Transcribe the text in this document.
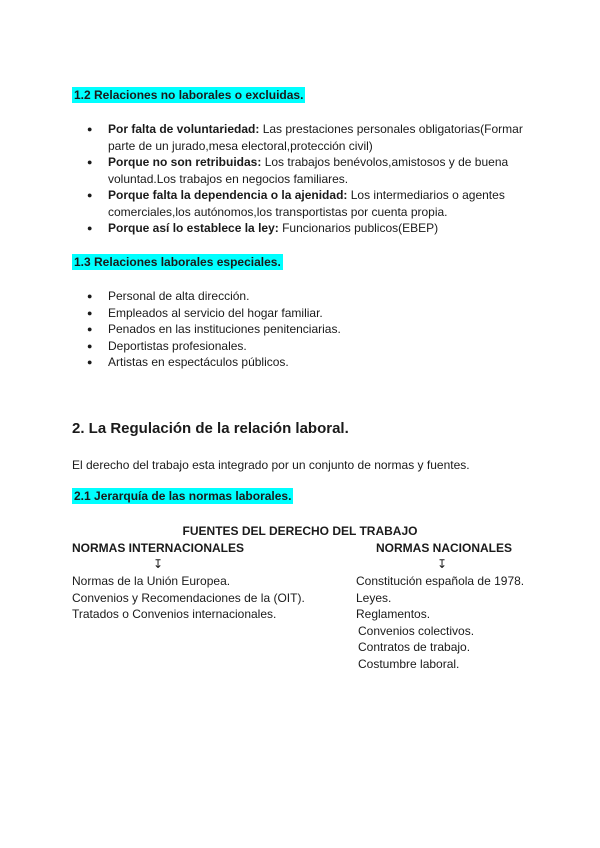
1.2 Relaciones no laborales o excluidas.
● Por falta de voluntariedad: Las prestaciones personales obligatorias(Formar parte de un jurado,mesa electoral,protección civil)
● Porque no son retribuidas: Los trabajos benévolos,amistosos y de buena voluntad.Los trabajos en negocios familiares.
● Porque falta la dependencia o la ajenidad: Los intermediarios o agentes comerciales,los autónomos,los transportistas por cuenta propia.
● Porque así lo establece la ley: Funcionarios publicos(EBEP)
1.3 Relaciones laborales especiales.
● Personal de alta dirección.
● Empleados al servicio del hogar familiar.
● Penados en las instituciones penitenciarias.
● Deportistas profesionales.
● Artistas en espectáculos públicos.
2. La Regulación de la relación laboral.
El derecho del trabajo esta integrado por un conjunto de normas y fuentes.
2.1 Jerarquía de las normas laborales.
FUENTES DEL DERECHO DEL TRABAJO
NORMAS INTERNACIONALES	NORMAS NACIONALES
↧	↧
Normas de la Unión Europea.
Convenios y Recomendaciones de la (OIT).
Tratados o Convenios internacionales.
Constitución española de 1978.
Leyes.
Reglamentos.
Convenios colectivos.
Contratos de trabajo.
Costumbre laboral.
